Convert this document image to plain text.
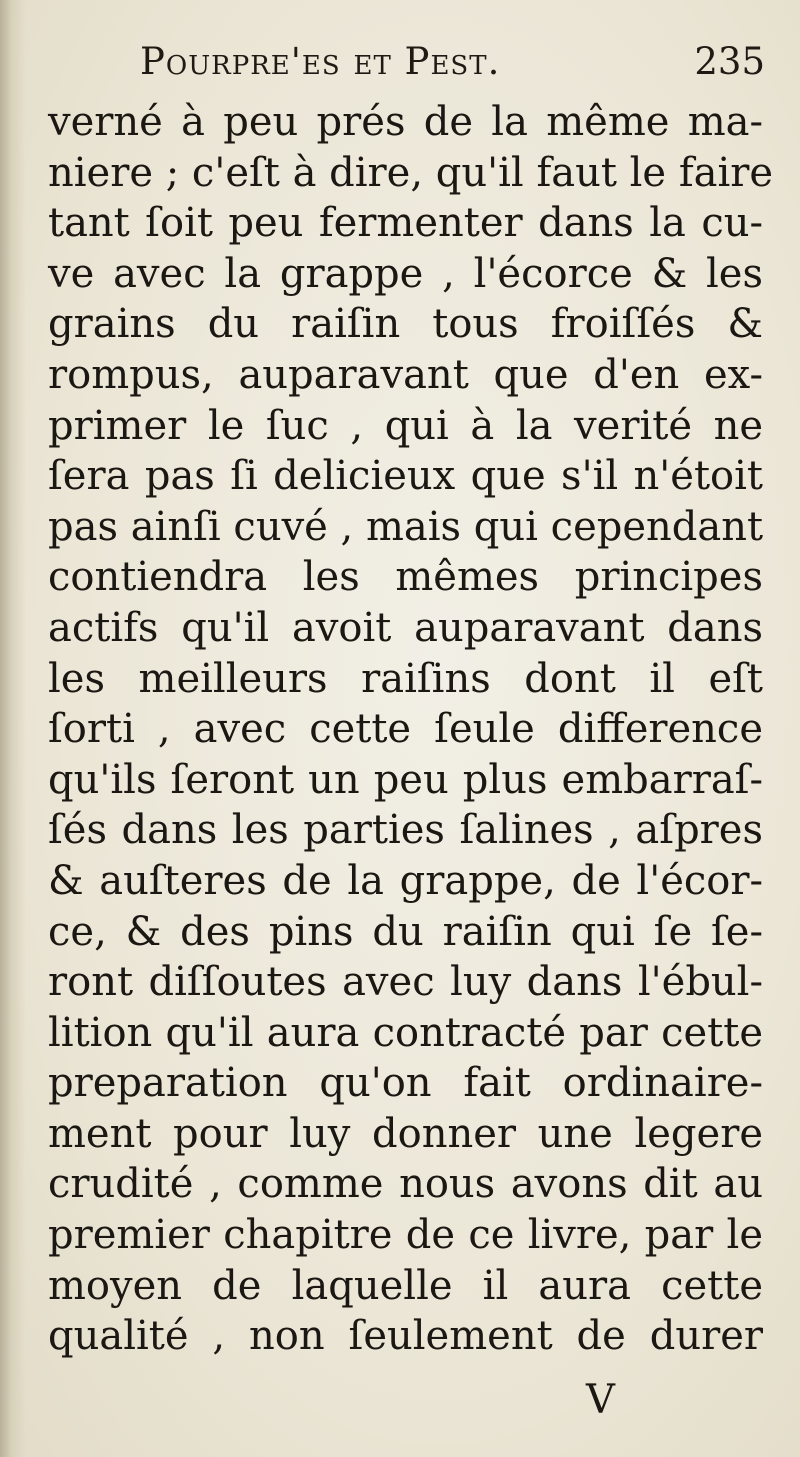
Pourpre'es et Pest.	235
verné à peu prés de la même ma-
niere ; c'eſt à dire, qu'il faut le faire
tant ſoit peu fermenter dans la cu-
ve avec la grappe , l'écorce & les
grains du raiſin tous froiſſés &
rompus, auparavant que d'en ex-
primer le ſuc , qui à la verité ne
ſera pas ſi delicieux que s'il n'étoit
pas ainſi cuvé , mais qui cependant
contiendra les mêmes principes
actifs qu'il avoit auparavant dans
les meilleurs raiſins dont il eſt
ſorti , avec cette ſeule difference
qu'ils ſeront un peu plus embarraſ-
ſés dans les parties ſalines , aſpres
& auſteres de la grappe, de l'écor-
ce, & des pins du raiſin qui ſe ſe-
ront diſſoutes avec luy dans l'ébul-
lition qu'il aura contracté par cette
preparation qu'on fait ordinaire-
ment pour luy donner une legere
crudité , comme nous avons dit au
premier chapitre de ce livre, par le
moyen de laquelle il aura cette
qualité , non ſeulement de durer
V
